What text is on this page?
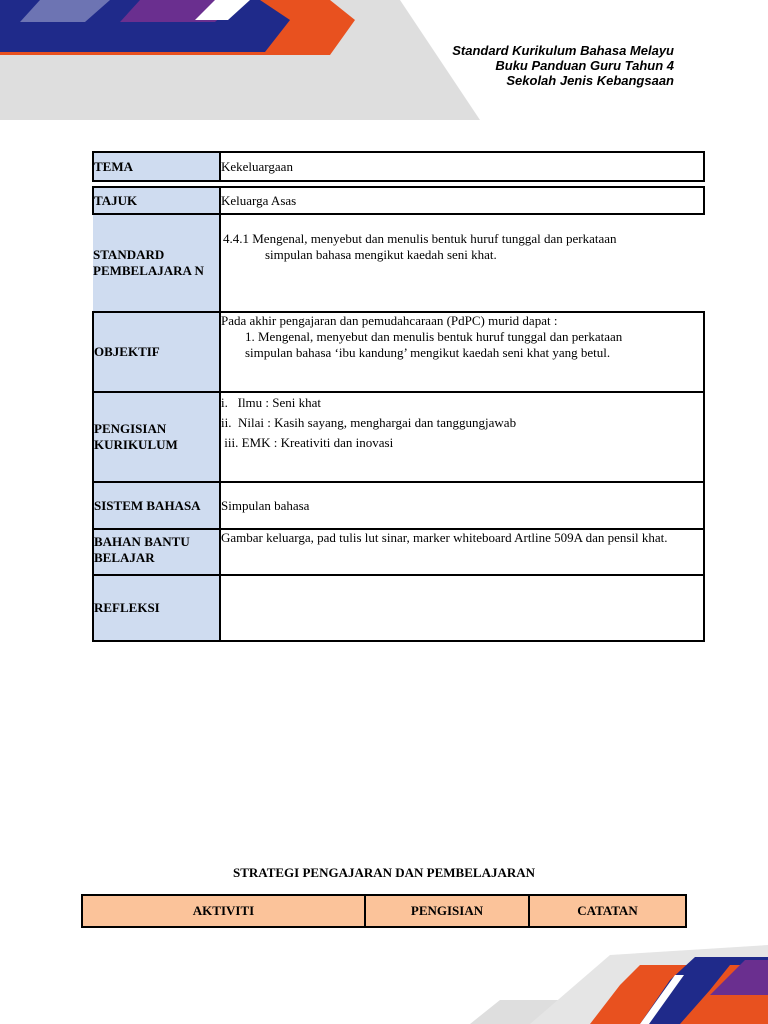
Standard Kurikulum Bahasa Melayu
Buku Panduan Guru Tahun 4
Sekolah Jenis Kebangsaan
TEMA	Kekeluargaan

TAJUK	Keluarga Asas
STANDARD PEMBELAJARA N	4.4.1 Mengenal, menyebut dan menulis bentuk huruf tunggal dan perkataan
simpulan bahasa mengikut kaedah seni khat.

OBJEKTIF	Pada akhir pengajaran dan pemudahcaraan (PdPC) murid dapat :
1. Mengenal, menyebut dan menulis bentuk huruf tunggal dan perkataan
simpulan bahasa ‘ibu kandung’ mengikut kaedah seni khat yang betul.

PENGISIAN KURIKULUM	i.   Ilmu : Seni khat
ii.  Nilai : Kasih sayang, menghargai dan tanggungjawab
iii. EMK : Kreativiti dan inovasi

SISTEM BAHASA	Simpulan bahasa
BAHAN BANTU BELAJAR	Gambar keluarga, pad tulis lut sinar, marker whiteboard Artline 509A dan pensil khat.
REFLEKSI	
STRATEGI PENGAJARAN DAN PEMBELAJARAN
AKTIVITI	PENGISIAN	CATATAN
